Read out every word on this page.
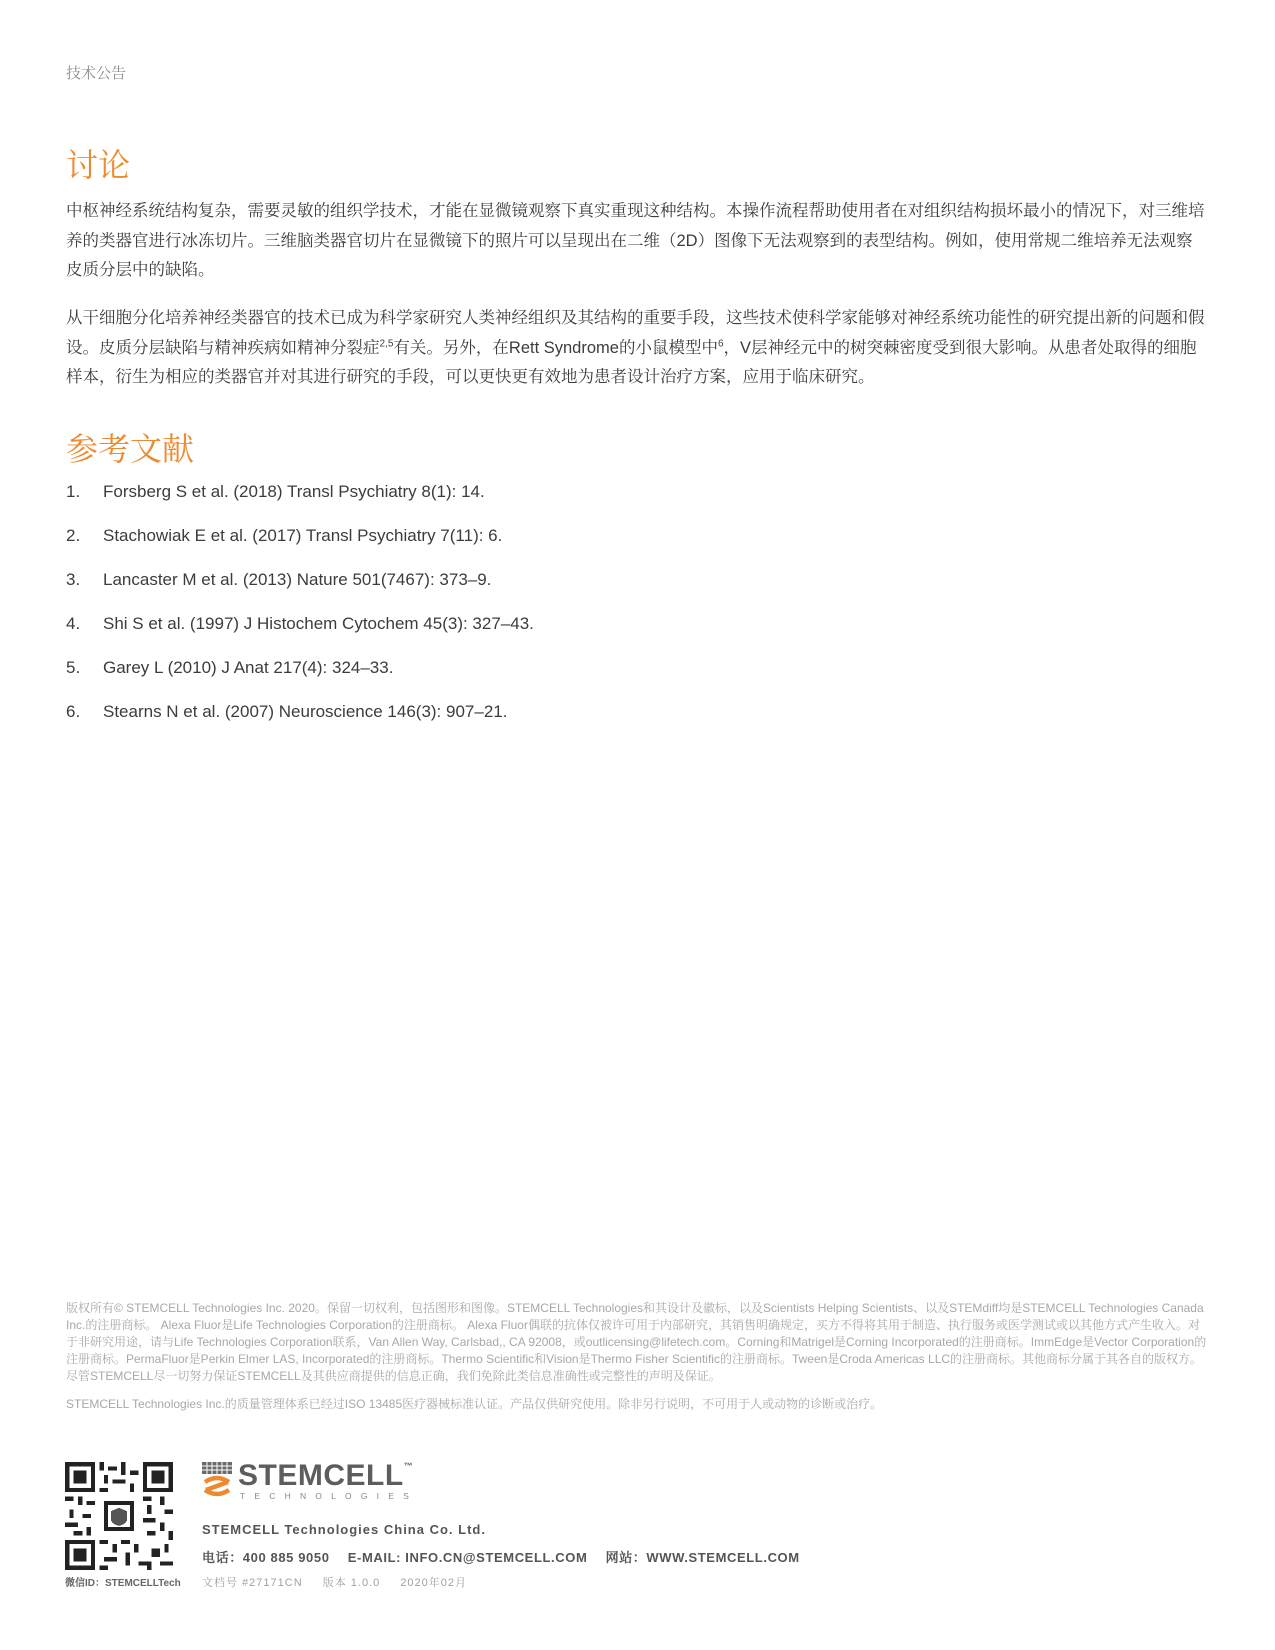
技术公告
讨论

中枢神经系统结构复杂，需要灵敏的组织学技术，才能在显微镜观察下真实重现这种结构。本操作流程帮助使用者在对组织结构损坏最小的情况下，对三维培养的类器官进行冰冻切片。三维脑类器官切片在显微镜下的照片可以呈现出在二维（2D）图像下无法观察到的表型结构。例如，使用常规二维培养无法观察皮质分层中的缺陷。

从干细胞分化培养神经类器官的技术已成为科学家研究人类神经组织及其结构的重要手段，这些技术使科学家能够对神经系统功能性的研究提出新的问题和假设。皮质分层缺陷与精神疾病如精神分裂症$^{2,5}$有关。另外，在Rett Syndrome的小鼠模型中$^6$，V层神经元中的树突棘密度受到很大影响。从患者处取得的细胞样本，衍生为相应的类器官并对其进行研究的手段，可以更快更有效地为患者设计治疗方案，应用于临床研究。

参考文献
1.	Forsberg S et al. (2018) Transl Psychiatry 8(1): 14.
2.	Stachowiak E et al. (2017) Transl Psychiatry 7(11): 6.
3.	Lancaster M et al. (2013) Nature 501(7467): 373–9.
4.	Shi S et al. (1997) J Histochem Cytochem 45(3): 327–43.
5.	Garey L (2010) J Anat 217(4): 324–33.
6.	Stearns N et al. (2007) Neuroscience 146(3): 907–21.

版权所有© STEMCELL Technologies Inc. 2020。保留一切权利，包括图形和图像。STEMCELL Technologies和其设计及徽标，以及Scientists Helping Scientists、以及STEMdiff均是STEMCELL Technologies Canada Inc.的注册商标。 Alexa Fluor是Life Technologies Corporation的注册商标。 Alexa Fluor偶联的抗体仅被许可用于内部研究，其销售明确规定，买方不得将其用于制造、执行服务或医学测试或以其他方式产生收入。对于非研究用途，请与Life Technologies Corporation联系，Van Allen Way, Carlsbad,, CA 92008，或outlicensing@lifetech.com。Corning和Matrigel是Corning Incorporated的注册商标。ImmEdge是Vector Corporation的注册商标。PermaFluor是Perkin Elmer LAS, Incorporated的注册商标。Thermo Scientific和Vision是Thermo Fisher Scientific的注册商标。Tween是Croda Americas LLC的注册商标。其他商标分属于其各自的版权方。尽管STEMCELL尽一切努力保证STEMCELL及其供应商提供的信息正确，我们免除此类信息准确性或完整性的声明及保证。

STEMCELL Technologies Inc.的质量管理体系已经过ISO 13485医疗器械标准认证。产品仅供研究使用。除非另行说明，不可用于人或动物的诊断或治疗。

微信ID：STEMCELLTech
STEMCELL™
TECHNOLOGIES

STEMCELL Technologies China Co. Ltd.

电话：400 885 9050 E-MAIL: INFO.CN@STEMCELL.COM 网站：WWW.STEMCELL.COM
文档号 #27171CN 版本 1.0.0 2020年02月
